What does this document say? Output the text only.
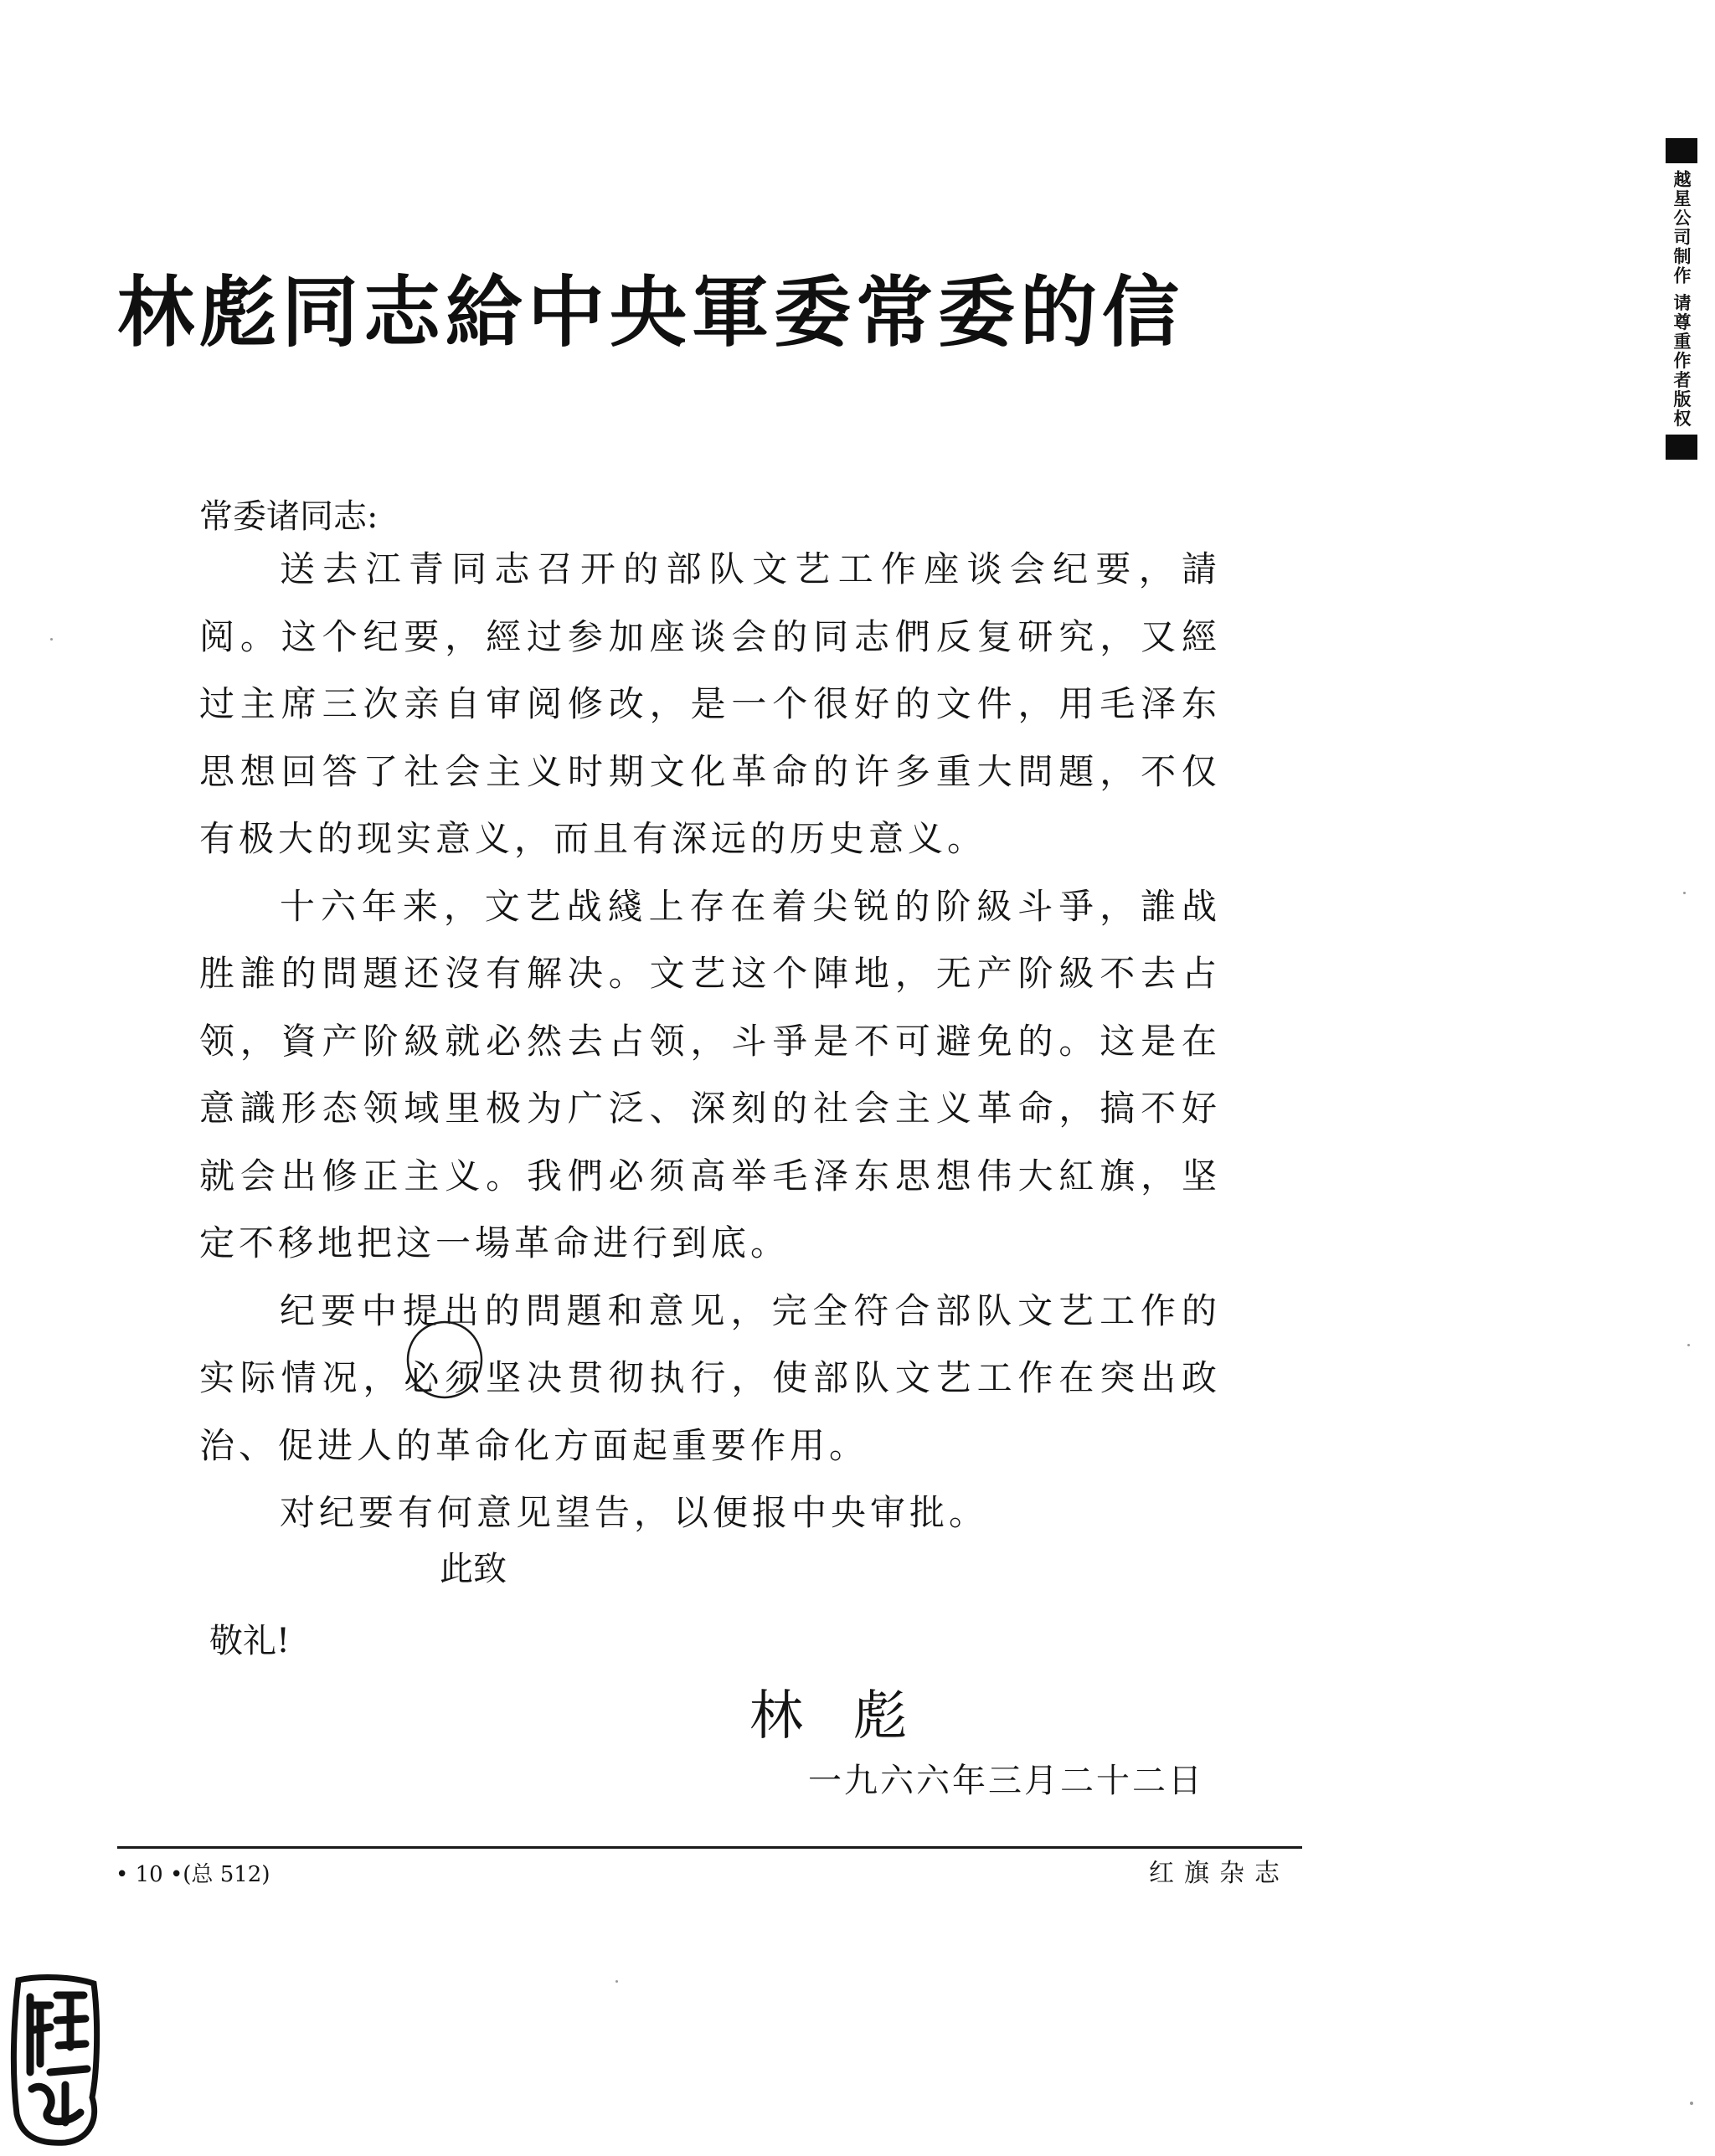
林彪同志給中央軍委常委的信
常委诸同志:

送去江青同志召开的部队文艺工作座谈会纪要，請阅。这个纪要，經过参加座谈会的同志們反复研究，又經过主席三次亲自审阅修改，是一个很好的文件，用毛泽东思想回答了社会主义时期文化革命的许多重大問題，不仅有极大的现实意义，而且有深远的历史意义。

十六年来，文艺战綫上存在着尖锐的阶級斗爭，誰战胜誰的問題还沒有解决。文艺这个陣地，无产阶級不去占领，資产阶級就必然去占领，斗爭是不可避免的。这是在意識形态领域里极为广泛、深刻的社会主义革命，搞不好就会出修正主义。我們必须高举毛泽东思想伟大紅旗，坚定不移地把这一場革命进行到底。

纪要中提出的問題和意见，完全符合部队文艺工作的实际情况，必须坚决贯彻执行，使部队文艺工作在突出政治、促进人的革命化方面起重要作用。

对纪要有何意见望告，以便报中央审批。

此致
敬礼!
林彪
一九六六年三月二十二日
• 10 •(总 512)	红旗杂志
越星公司制作 请尊重作者版权
